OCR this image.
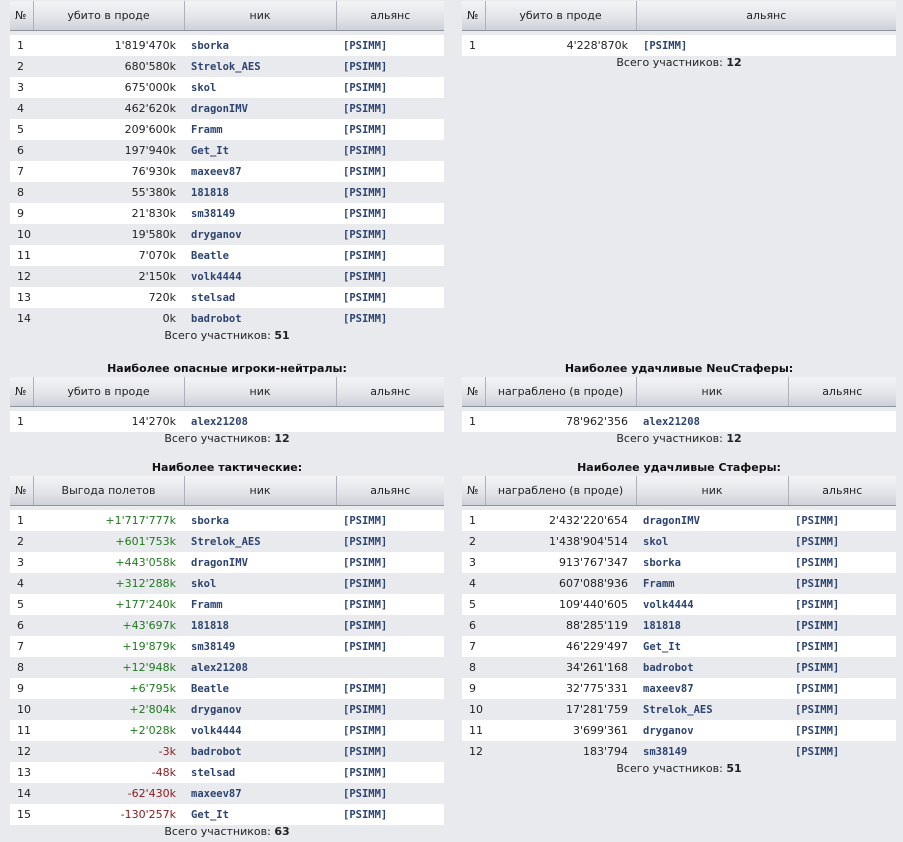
№	убито в проде	ник	альянс

1	1'819'470k	sborka	[PSIMM]
2	680'580k	Strelok_AES	[PSIMM]
3	675'000k	skol	[PSIMM]
4	462'620k	dragonIMV	[PSIMM]
5	209'600k	Framm	[PSIMM]
6	197'940k	Get_It	[PSIMM]
7	76'930k	maxeev87	[PSIMM]
8	55'380k	181818	[PSIMM]
9	21'830k	sm38149	[PSIMM]
10	19'580k	dryganov	[PSIMM]
11	7'070k	Beatle	[PSIMM]
12	2'150k	volk4444	[PSIMM]
13	720k	stelsad	[PSIMM]
14	0k	badrobot	[PSIMM]
Всего участников: 51
№	убито в проде	альянс

1	4'228'870k	[PSIMM]
Всего участников: 12
Наиболее опасные игроки-нейтралы:
№	убито в проде	ник	альянс

1	14'270k	alex21208	
Всего участников: 12
Наиболее удачливые NeuСтаферы:
№	награблено (в проде)	ник	альянс

1	78'962'356	alex21208	
Всего участников: 12
Наиболее тактические:
№	Выгода полетов	ник	альянс

1	+1'717'777k	sborka	[PSIMM]
2	+601'753k	Strelok_AES	[PSIMM]
3	+443'058k	dragonIMV	[PSIMM]
4	+312'288k	skol	[PSIMM]
5	+177'240k	Framm	[PSIMM]
6	+43'697k	181818	[PSIMM]
7	+19'879k	sm38149	[PSIMM]
8	+12'948k	alex21208	
9	+6'795k	Beatle	[PSIMM]
10	+2'804k	dryganov	[PSIMM]
11	+2'028k	volk4444	[PSIMM]
12	-3k	badrobot	[PSIMM]
13	-48k	stelsad	[PSIMM]
14	-62'430k	maxeev87	[PSIMM]
15	-130'257k	Get_It	[PSIMM]
Всего участников: 63
Наиболее удачливые Стаферы:
№	награблено (в проде)	ник	альянс

1	2'432'220'654	dragonIMV	[PSIMM]
2	1'438'904'514	skol	[PSIMM]
3	913'767'347	sborka	[PSIMM]
4	607'088'936	Framm	[PSIMM]
5	109'440'605	volk4444	[PSIMM]
6	88'285'119	181818	[PSIMM]
7	46'229'497	Get_It	[PSIMM]
8	34'261'168	badrobot	[PSIMM]
9	32'775'331	maxeev87	[PSIMM]
10	17'281'759	Strelok_AES	[PSIMM]
11	3'699'361	dryganov	[PSIMM]
12	183'794	sm38149	[PSIMM]
Всего участников: 51
